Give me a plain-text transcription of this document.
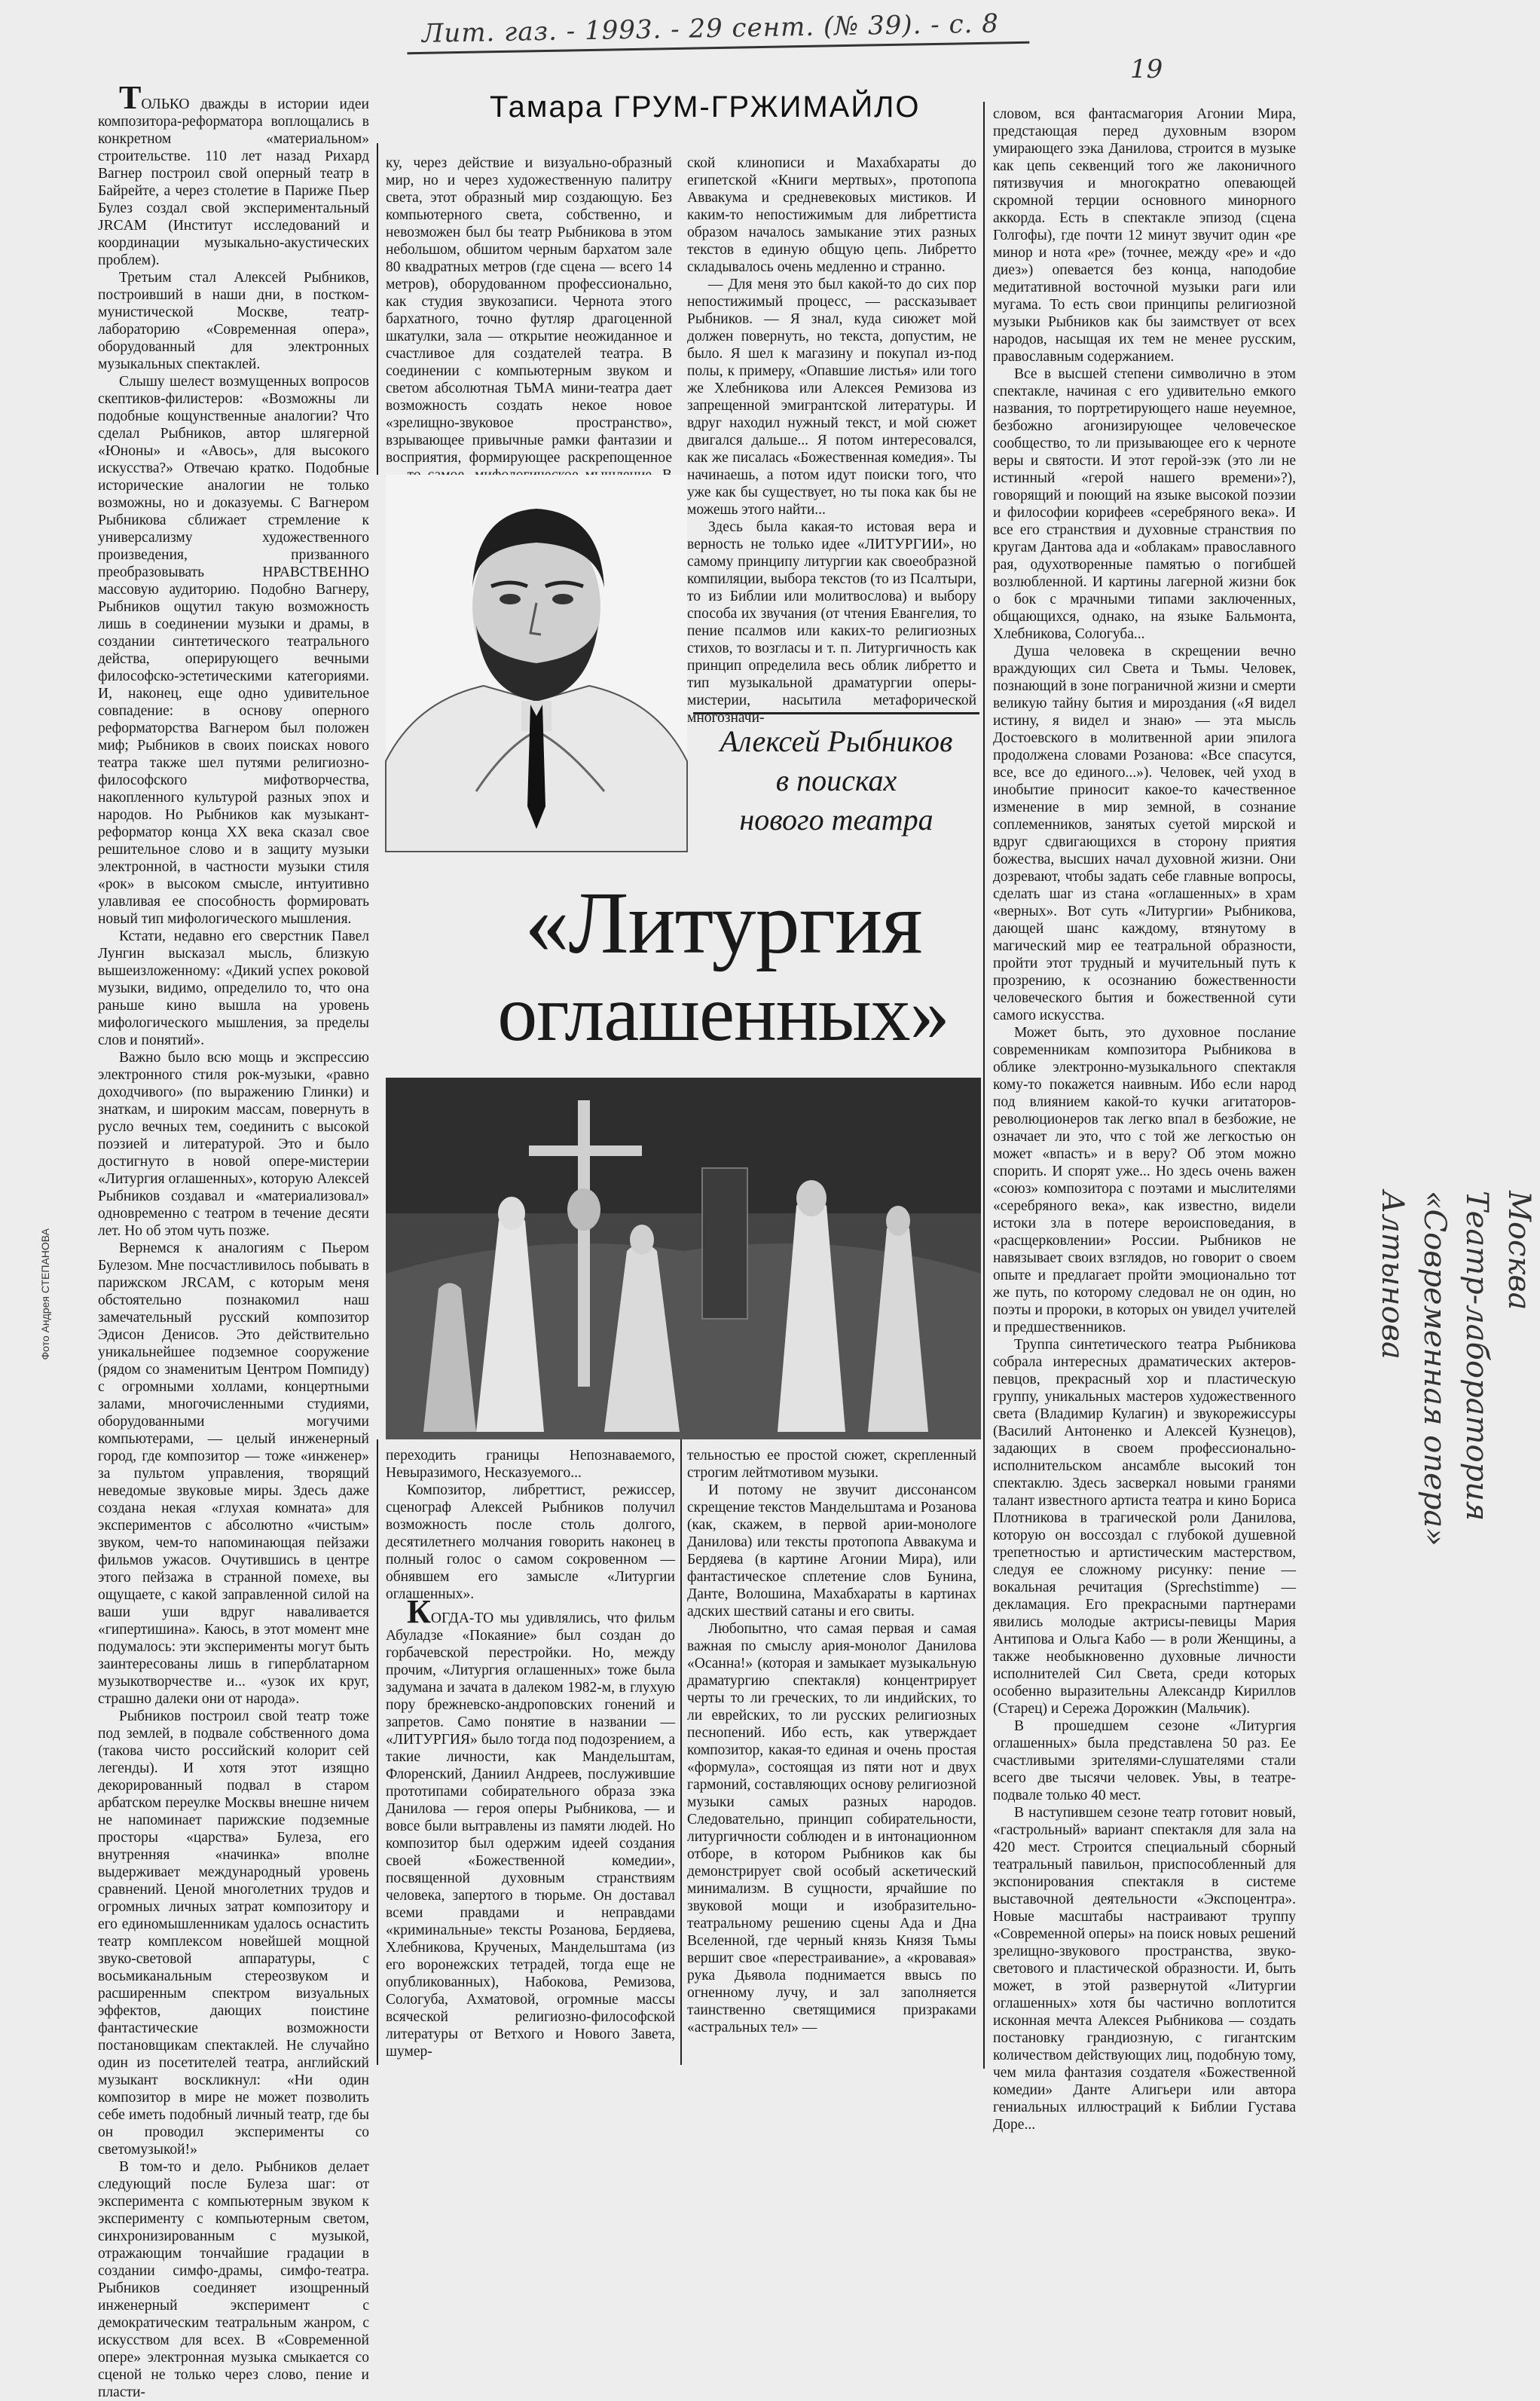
Лит. газ. - 1993. - 29 сент. (№ 39). - с. 8
19
Тамара ГРУМ-ГРЖИМАЙЛО

ТОЛЬКО дважды в истории идеи композитора-реформатора воплощались в конкретном «материальном» строительстве. 110 лет назад Рихард Вагнер построил свой оперный театр в Байрейте, а через столетие в Париже Пьер Булез создал свой экспериментальный JRCAM (Институт исследований и координации музыкально-акустических проблем).

Третьим стал Алексей Рыбников, построивший в наши дни, в постком-мунистической Москве, театр-лабораторию «Современная опера», оборудованный для электронных музыкальных спектаклей.

Слышу шелест возмущенных вопросов скептиков-филистеров: «Возможны ли подобные кощунственные аналогии? Что сделал Рыбников, автор шлягерной «Юноны» и «Авось», для высокого искусства?» Отвечаю кратко. Подобные исторические аналогии не только возможны, но и доказуемы. С Вагнером Рыбникова сближает стремление к универсализму художественного произведения, призванного преобразовывать НРАВСТВЕННО массовую аудиторию. Подобно Вагнеру, Рыбников ощутил такую возможность лишь в соединении музыки и драмы, в создании синтетического театрального действа, оперирующего вечными философско-эстетическими категориями. И, наконец, еще одно удивительное совпадение: в основу оперного реформаторства Вагнером был положен миф; Рыбников в своих поисках нового театра также шел путями религиозно-философского мифотворчества, накопленного культурой разных эпох и народов. Но Рыбников как музыкант-реформатор конца XX века сказал свое решительное слово и в защиту музыки электронной, в частности музыки стиля «рок» в высоком смысле, интуитивно улавливая ее способность формировать новый тип мифологического мышления.

Кстати, недавно его сверстник Павел Лунгин высказал мысль, близкую вышеизложенному: «Дикий успех роковой музыки, видимо, определило то, что она раньше кино вышла на уровень мифологического мышления, за пределы слов и понятий».

Важно было всю мощь и экспрессию электронного стиля рок-музыки, «равно доходчивого» (по выражению Глинки) и знаткам, и широким массам, повернуть в русло вечных тем, соединить с высокой поэзией и литературой. Это и было достигнуто в новой опере-мистерии «Литургия оглашенных», которую Алексей Рыбников создавал и «материализовал» одновременно с театром в течение десяти лет. Но об этом чуть позже.

Вернемся к аналогиям с Пьером Булезом. Мне посчастливилось побывать в парижском JRCAM, с которым меня обстоятельно познакомил наш замечательный русский композитор Эдисон Денисов. Это действительно уникальнейшее подземное сооружение (рядом со знаменитым Центром Помпиду) с огромными холлами, концертными залами, многочисленными студиями, оборудованными могучими компьютерами, — целый инженерный город, где композитор — тоже «инженер» за пультом управления, творящий неведомые звуковые миры. Здесь даже создана некая «глухая комната» для экспериментов с абсолютно «чистым» звуком, чем-то напоминающая пейзажи фильмов ужасов. Очутившись в центре этого пейзажа в странной помехе, вы ощущаете, с какой заправленной силой на ваши уши вдруг наваливается «гипертишина». Каюсь, в этот момент мне подумалось: эти эксперименты могут быть заинтересованы лишь в гиперблатарном музыкотворчестве и... «узок их круг, страшно далеки они от народа».

Рыбников построил свой театр тоже под землей, в подвале собственного дома (такова чисто российский колорит сей легенды). И хотя этот изящно декорированный подвал в старом арбатском переулке Москвы внешне ничем не напоминает парижские подземные просторы «царства» Булеза, его внутренняя «начинка» вполне выдерживает международный уровень сравнений. Ценой многолетних трудов и огромных личных затрат композитору и его единомышленникам удалось оснастить театр комплексом новейшей мощной звуко-световой аппаратуры, с восьмиканальным стереозвуком и расширенным спектром визуальных эффектов, дающих поистине фантастические возможности постановщикам спектаклей. Не случайно один из посетителей театра, английский музыкант воскликнул: «Ни один композитор в мире не может позволить себе иметь подобный личный театр, где бы он проводил эксперименты со светомузыкой!»

В том-то и дело. Рыбников делает следующий после Булеза шаг: от эксперимента с компьютерным звуком к эксперименту с компьютерным светом, синхронизированным с музыкой, отражающим тончайшие градации в создании симфо-драмы, симфо-театра. Рыбников соединяет изощренный инженерный эксперимент с демократическим театральным жанром, с искусством для всех. В «Современной опере» электронная музыка смыкается со сценой не только через слово, пение и пласти-

ку, через действие и визуально-образный мир, но и через художественную палитру света, этот образный мир создающую. Без компьютерного света, собственно, и невозможен был бы театр Рыбникова в этом небольшом, обшитом черным бархатом зале 80 квадратных метров (где сцена — всего 14 метров), оборудованном профессионально, как студия звукозаписи. Чернота этого бархатного, точно футляр драгоценной шкатулки, зала — открытие неожиданное и счастливое для создателей театра. В соединении с компьютерным звуком и светом абсолютная ТЬМА мини-театра дает возможность создать некое новое «зрелищно-звуковое пространство», взрывающее привычные рамки фантазии и восприятия, формирующее раскрепощенное

ской клинописи и Махабхараты до египетской «Книги мертвых», протопопа Аввакума и средневековых мистиков. И каким-то непостижимым для либреттиста образом началось замыкание этих разных текстов в единую общую цепь. Либретто складывалось очень медленно и странно.

— Для меня это был какой-то до сих пор непостижимый процесс, — рассказывает Рыбников. — Я знал, куда сиюжет мой должен повернуть, но текста, допустим, не было. Я шел к магазину и покупал из-под полы, к примеру, «Опавшие листья» или того же Хлебникова или Алексея Ремизова из запрещенной эмигрантской литературы. И вдруг находил нужный текст, и мой сюжет двигался дальше... Я потом интересовался, как же писалась «Божественная комедия». Ты начинаешь, а потом идут поиски того, что уже как бы существует, но ты пока как бы не можешь этого найти...

Здесь была какая-то истовая вера и верность не только идее «ЛИТУРГИИ», но самому принципу литургии как своеобразной компиляции, выбора текстов (то из Псалтыри, то из Библии или молитвослова) и выбору способа их звучания (от чтения Евангелия, то пение псалмов или каких-то религиозных стихов, то возгласы и т. п. Литургичность как принцип определила весь облик либретто и тип музыкальной драматургии оперы-мистерии, насытила метафорической многозначи-

словом, вся фантасмагория Агонии Мира, предстающая перед духовным взором умирающего зэка Данилова, строится в музыке как цепь секвенций того же лаконичного пятизвучия и многократно опевающей скромной терции основного минорного аккорда. Есть в спектакле эпизод (сцена Голгофы), где почти 12 минут звучит один «ре минор и нота «ре» (точнее, между «ре» и «до диез») опевается без конца, наподобие медитативной восточной музыки раги или мугама. То есть свои принципы религиозной музыки Рыбников как бы заимствует от всех народов, насыщая их тем не менее русским, православным содержанием.

Все в высшей степени символично в этом спектакле, начиная с его удивительно емкого названия, то портретирующего наше неуемное, безбожно агонизирующее человеческое сообщество, то ли призывающее его к черноте веры и святости. И этот герой-зэк (это ли не истинный «герой нашего времени»?), говорящий и поющий на языке высокой поэзии и философии корифеев «серебряного века». И все его странствия и духовные странствия по кругам Дантова ада и «облакам» православного рая, одухотворенные памятью о погибшей возлюбленной. И картины лагерной жизни бок о бок с мрачными типами заключенных, общающихся, однако, на языке Бальмонта, Хлебникова, Сологуба...

Душа человека в скрещении вечно враждующих сил Света и Тьмы. Человек, познающий в зоне пограничной жизни и смерти великую тайну бытия и мироздания («Я видел истину, я видел и знаю» — эта мысль Достоевского в молитвенной арии эпилога продолжена словами Розанова: «Все спасутся, все, все до единого...»). Человек, чей уход в инобытие приносит какое-то качественное изменение в мир земной, в сознание соплеменников, занятых суетой мирской и вдруг сдвигающихся в сторону приятия божества, высших начал духовной жизни. Они дозревают, чтобы задать себе главные вопросы, сделать шаг из стана «оглашенных» в храм «верных». Вот суть «Литургии» Рыбникова, дающей шанс каждому, втянутому в магический мир ее театральной образности, пройти этот трудный и мучительный путь к прозрению, к осознанию божественности человеческого бытия и божественной сути самого искусства.

Может быть, это духовное послание современникам композитора Рыбникова в облике электронно-музыкального спектакля кому-то покажется наивным. Ибо если народ под влиянием какой-то кучки агитаторов-революционеров так легко впал в безбожие, не означает ли это, что с той же легкостью он может «впасть» и в веру? Об этом можно спорить. И спорят уже... Но здесь очень важен «союз» композитора с поэтами и мыслителями «серебряного века», как известно, видели истоки зла в потере вероисповедания, в «расщерковлении» России. Рыбников не навязывает своих взглядов, но говорит о своем опыте и предлагает пройти эмоционально тот же путь, по которому следовал не он один, но поэты и пророки, в которых он увидел учителей и предшественников.

Труппа синтетического театра Рыбникова собрала интересных драматических актеров-певцов, прекрасный хор и пластическую группу, уникальных мастеров художественного света (Владимир Кулагин) и звукорежиссуры (Василий Антоненко и Алексей Кузнецов), задающих в своем профессионально-исполнительском ансамбле высокий тон спектаклю. Здесь засверкал новыми гранями талант известного артиста театра и кино Бориса Плотникова в трагической роли Данилова, которую он воссоздал с глубокой душевной трепетностью и артистическим мастерством, следуя ее сложному рисунку: пение — вокальная речитация (Sprechstimme) — декламация. Его прекрасными партнерами явились молодые актрисы-певицы Мария Антипова и Ольга Кабо — в роли Женщины, а также необыкновенно духовные личности исполнителей Сил Света, среди которых особенно выразительны Александр Кириллов (Старец) и Сережа Дорожкин (Мальчик).

В прошедшем сезоне «Литургия оглашенных» была представлена 50 раз. Ее счастливыми зрителями-слушателями стали всего две тысячи человек. Увы, в театре-подвале только 40 мест.

В наступившем сезоне театр готовит новый, «гастрольный» вариант спектакля для зала на 420 мест. Строится специальный сборный театральный павильон, приспособленный для экспонирования спектакля в системе выставочной деятельности «Экспоцентра». Новые масштабы настраивают труппу «Современной оперы» на поиск новых решений зрелищно-звукового пространства, звуко-светового и пластической образности. И, быть может, в этой развернутой «Литургии оглашенных» хотя бы частично воплотится исконная мечта Алексея Рыбникова — создать постановку грандиозную, с гигантским количеством действующих лиц, подобную тому, чем мила фантазия создателя «Божественной комедии» Данте Алигьери или автора гениальных иллюстраций к Библии Густава Доре...

Алексей Рыбников
в поисках
нового театра
«Литургия
оглашенных»
Фото Андрея СТЕПАНОВА

переходить границы Непознаваемого, Невыразимого, Несказуемого...

Композитор, либреттист, режиссер, сценограф Алексей Рыбников получил возможность после столь долгого, десятилетнего молчания говорить наконец в полный голос о самом сокровенном — обнявшем его замысле «Литургии оглашенных».

КОГДА-ТО мы удивлялись, что фильм Абуладзе «Покаяние» был создан до горбачевской перестройки. Но, между прочим, «Литургия оглашенных» тоже была задумана и зачата в далеком 1982-м, в глухую пору брежневско-андроповских гонений и запретов. Само понятие в названии — «ЛИТУРГИЯ» было тогда под подозрением, а такие личности, как Мандельштам, Флоренский, Даниил Андреев, послужившие прототипами собирательного образа зэка Данилова — героя оперы Рыбникова, — и вовсе были вытравлены из памяти людей. Но композитор был одержим идеей создания своей «Божественной комедии», посвященной духовным странствиям человека, запертого в тюрьме. Он доставал всеми правдами и неправдами «криминальные» тексты Розанова, Бердяева, Хлебникова, Крученых, Мандельштама (из его воронежских тетрадей, тогда еще не опубликованных), Набокова, Ремизова, Сологуба, Ахматовой, огромные массы всяческой религиозно-философской литературы от Ветхого и Нового Завета, шумер-

тельностью ее простой сюжет, скрепленный строгим лейтмотивом музыки.

И потому не звучит диссонансом скрещение текстов Мандельштама и Розанова (как, скажем, в первой арии-монологе Данилова) или тексты протопопа Аввакума и Бердяева (в картине Агонии Мира), или фантастическое сплетение слов Бунина, Данте, Волошина, Махабхараты в картинах адских шествий сатаны и его свиты.

Любопытно, что самая первая и самая важная по смыслу ария-монолог Данилова «Осанна!» (которая и замыкает музыкальную драматургию спектакля) концентрирует черты то ли греческих, то ли индийских, то ли еврейских, то ли русских религиозных песнопений. Ибо есть, как утверждает композитор, какая-то единая и очень простая «формула», состоящая из пяти нот и двух гармоний, составляющих основу религиозной музыки самых разных народов. Следовательно, принцип собирательности, литургичности соблюден и в интонационном отборе, в котором Рыбников как бы демонстрирует свой особый аскетический минимализм. В сущности, ярчайшие по звуковой мощи и изобразительно-театральному решению сцены Ада и Дна Вселенной, где черный князь Князя Тьмы вершит свое «перестраивание», а «кровавая» рука Дьявола поднимается ввысь по огненному лучу, и зал заполняется таинственно светящимися призраками «астральных тел» —

Москва
Театр-лаборатория
«Современная опера»
Алтынова
